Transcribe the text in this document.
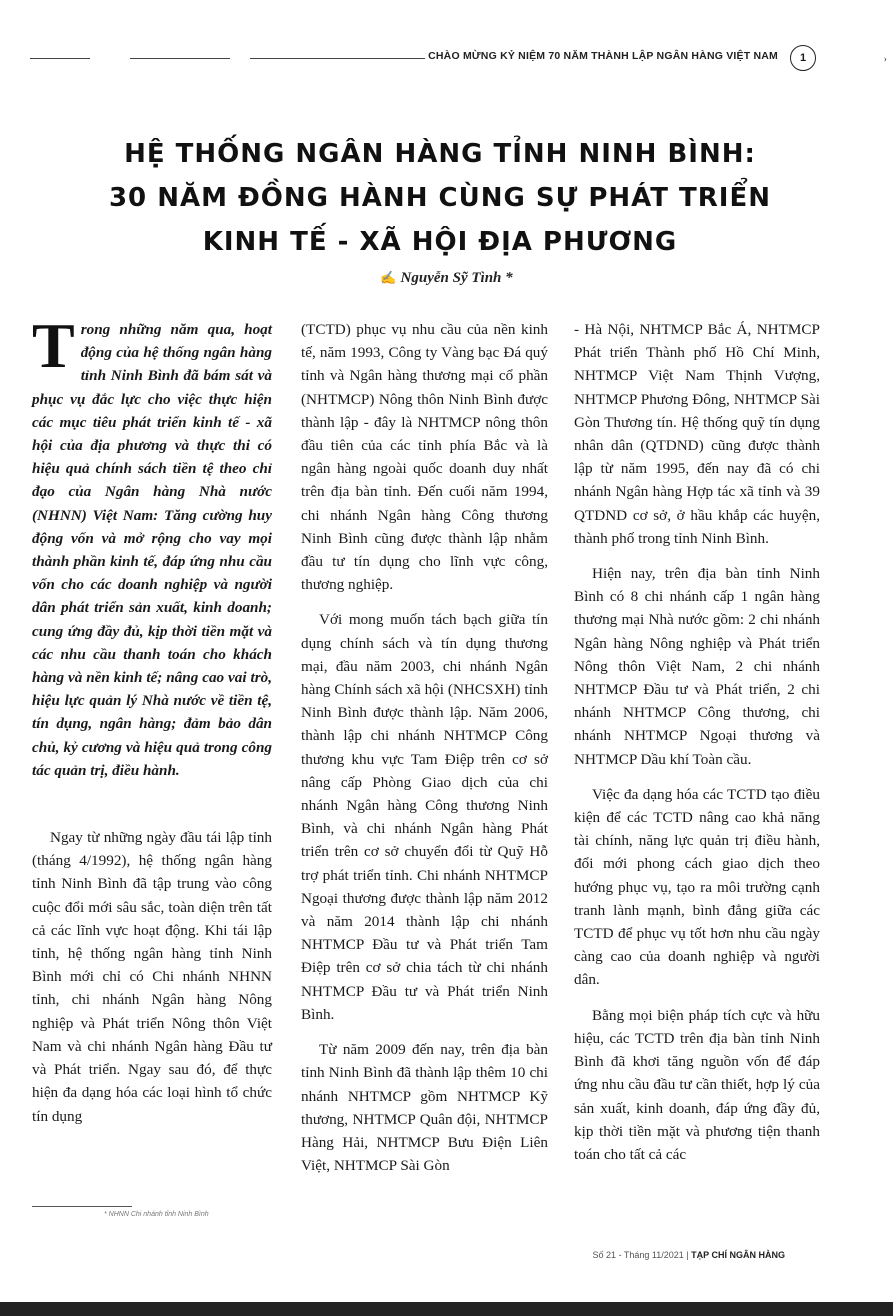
CHÀO MỪNG KỶ NIỆM 70 NĂM THÀNH LẬP NGÂN HÀNG VIỆT NAM	1	›
HỆ THỐNG NGÂN HÀNG TỈNH NINH BÌNH:
30 NĂM ĐỒNG HÀNH CÙNG SỰ PHÁT TRIỂN
KINH TẾ - XÃ HỘI ĐỊA PHƯƠNG
✍ Nguyễn Sỹ Tình *

Trong những năm qua, hoạt động của hệ thống ngân hàng tỉnh Ninh Bình đã bám sát và phục vụ đắc lực cho việc thực hiện các mục tiêu phát triển kinh tế - xã hội của địa phương và thực thi có hiệu quả chính sách tiền tệ theo chỉ đạo của Ngân hàng Nhà nước (NHNN) Việt Nam: Tăng cường huy động vốn và mở rộng cho vay mọi thành phần kinh tế, đáp ứng nhu cầu vốn cho các doanh nghiệp và người dân phát triển sản xuất, kinh doanh; cung ứng đầy đủ, kịp thời tiền mặt và các nhu cầu thanh toán cho khách hàng và nền kinh tế; nâng cao vai trò, hiệu lực quản lý Nhà nước về tiền tệ, tín dụng, ngân hàng; đảm bảo dân chủ, kỷ cương và hiệu quả trong công tác quản trị, điều hành.

Ngay từ những ngày đầu tái lập tỉnh (tháng 4/1992), hệ thống ngân hàng tỉnh Ninh Bình đã tập trung vào công cuộc đổi mới sâu sắc, toàn diện trên tất cả các lĩnh vực hoạt động. Khi tái lập tỉnh, hệ thống ngân hàng tỉnh Ninh Bình mới chỉ có Chi nhánh NHNN tỉnh, chi nhánh Ngân hàng Nông nghiệp và Phát triển Nông thôn Việt Nam và chi nhánh Ngân hàng Đầu tư và Phát triển. Ngay sau đó, để thực hiện đa dạng hóa các loại hình tổ chức tín dụng

(TCTD) phục vụ nhu cầu của nền kinh tế, năm 1993, Công ty Vàng bạc Đá quý tỉnh và Ngân hàng thương mại cổ phần (NHTMCP) Nông thôn Ninh Bình được thành lập - đây là NHTMCP nông thôn đầu tiên của các tỉnh phía Bắc và là ngân hàng ngoài quốc doanh duy nhất trên địa bàn tỉnh. Đến cuối năm 1994, chi nhánh Ngân hàng Công thương Ninh Bình cũng được thành lập nhằm đầu tư tín dụng cho lĩnh vực công, thương nghiệp.

Với mong muốn tách bạch giữa tín dụng chính sách và tín dụng thương mại, đầu năm 2003, chi nhánh Ngân hàng Chính sách xã hội (NHCSXH) tỉnh Ninh Bình được thành lập. Năm 2006, thành lập chi nhánh NHTMCP Công thương khu vực Tam Điệp trên cơ sở nâng cấp Phòng Giao dịch của chi nhánh Ngân hàng Công thương Ninh Bình, và chi nhánh Ngân hàng Phát triển trên cơ sở chuyển đổi từ Quỹ Hỗ trợ phát triển tỉnh. Chi nhánh NHTMCP Ngoại thương được thành lập năm 2012 và năm 2014 thành lập chi nhánh NHTMCP Đầu tư và Phát triển Tam Điệp trên cơ sở chia tách từ chi nhánh NHTMCP Đầu tư và Phát triển Ninh Bình.

Từ năm 2009 đến nay, trên địa bàn tỉnh Ninh Bình đã thành lập thêm 10 chi nhánh NHTMCP gồm NHTMCP Kỹ thương, NHTMCP Quân đội, NHTMCP Hàng Hải, NHTMCP Bưu Điện Liên Việt, NHTMCP Sài Gòn

- Hà Nội, NHTMCP Bắc Á, NHTMCP Phát triển Thành phố Hồ Chí Minh, NHTMCP Việt Nam Thịnh Vượng, NHTMCP Phương Đông, NHTMCP Sài Gòn Thương tín. Hệ thống quỹ tín dụng nhân dân (QTDND) cũng được thành lập từ năm 1995, đến nay đã có chi nhánh Ngân hàng Hợp tác xã tỉnh và 39 QTDND cơ sở, ở hầu khắp các huyện, thành phố trong tỉnh Ninh Bình.

Hiện nay, trên địa bàn tỉnh Ninh Bình có 8 chi nhánh cấp 1 ngân hàng thương mại Nhà nước gồm: 2 chi nhánh Ngân hàng Nông nghiệp và Phát triển Nông thôn Việt Nam, 2 chi nhánh NHTMCP Đầu tư và Phát triển, 2 chi nhánh NHTMCP Công thương, chi nhánh NHTMCP Ngoại thương và NHTMCP Dầu khí Toàn cầu.

Việc đa dạng hóa các TCTD tạo điều kiện để các TCTD nâng cao khả năng tài chính, năng lực quản trị điều hành, đổi mới phong cách giao dịch theo hướng phục vụ, tạo ra môi trường cạnh tranh lành mạnh, bình đẳng giữa các TCTD để phục vụ tốt hơn nhu cầu ngày càng cao của doanh nghiệp và người dân.

Bằng mọi biện pháp tích cực và hữu hiệu, các TCTD trên địa bàn tỉnh Ninh Bình đã khơi tăng nguồn vốn để đáp ứng nhu cầu đầu tư cần thiết, hợp lý của sản xuất, kinh doanh, đáp ứng đầy đủ, kịp thời tiền mặt và phương tiện thanh toán cho tất cả các

* NHNN Chi nhánh tỉnh Ninh Bình
Số 21 - Tháng 11/2021 | TẠP CHÍ NGÂN HÀNG
